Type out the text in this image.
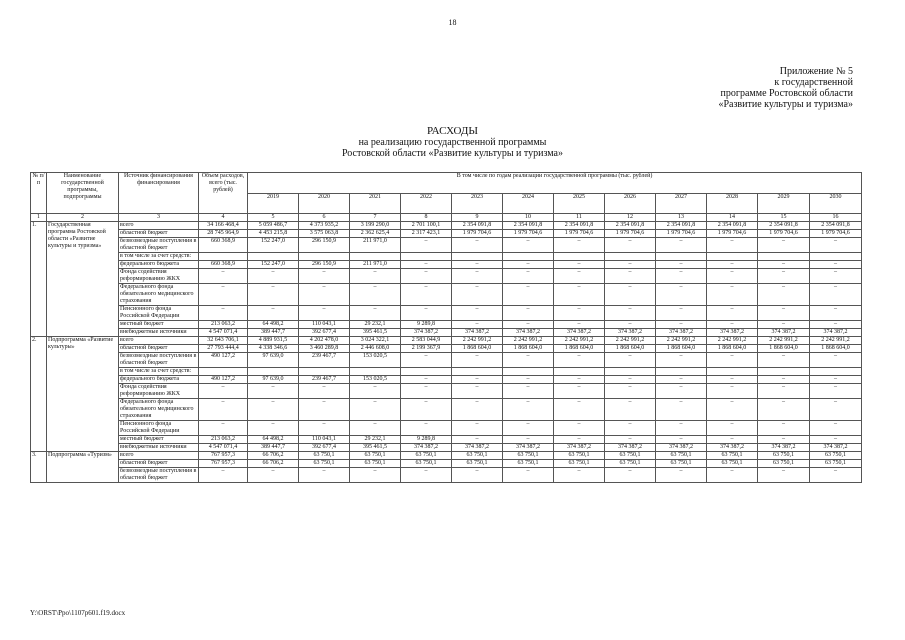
18
Приложение № 5
к государственной
программе Ростовской области
«Развитие культуры и туризма»
РАСХОДЫ
на реализацию государственной программы
Ростовской области «Развитие культуры и туризма»
№ п/п	Наименование государственной программы, подпрограммы	Источник финансирования финансирования	Объем расходов, всего (тыс. рублей)	В том числе по годам реализации государственной программы (тыс. рублей)											
				2019	2020	2021	2022	2023	2024	2025	2026	2027	2028	2029	2030
1	2	3	4	5	6	7	8	9	10	11	12	13	14	15	16
1.	Государственная программа Ростовской области «Развитие культуры и туризма»	всего	34 166 468,4	5 059 486,7	4 373 935,2	3 199 290,0	2 701 100,1	2 354 091,8	2 354 091,8	2 354 091,8	2 354 091,8	2 354 091,8	2 354 091,8	2 354 091,8	2 354 091,8
		областной бюджет	28 745 964,9	4 453 215,8	3 575 063,8	2 362 625,4	2 317 423,1	1 979 704,6	1 979 704,6	1 979 704,6	1 979 704,6	1 979 704,6	1 979 704,6	1 979 704,6	1 979 704,6
		безвозмездные поступления в областной бюджет	660 368,9	152 247,0	296 150,9	211 971,0	–	–	–	–	–	–	–	–	–
		в том числе за счет средств:													
		федерального бюджета	660 368,9	152 247,0	296 150,9	211 971,0	–	–	–	–	–	–	–	–	–
		Фонда содействия реформированию ЖКХ	–	–	–	–	–	–	–	–	–	–	–	–	–
		Федерального фонда обязательного медицинского страхования	–	–	–	–	–	–	–	–	–	–	–	–	–
		Пенсионного фонда Российской Федерации	–	–	–	–	–	–	–	–	–	–	–	–	–
		местный бюджет	213 063,2	64 498,2	110 043,1	29 232,1	9 289,8	–	–	–	–	–	–	–	–
		внебюджетные источники	4 547 071,4	389 447,7	392 677,4	395 461,5	374 387,2	374 387,2	374 387,2	374 387,2	374 387,2	374 387,2	374 387,2	374 387,2	374 387,2
2.	Подпрограмма «Развитие культуры»	всего	32 643 706,1	4 889 931,5	4 202 478,0	3 024 322,1	2 583 044,9	2 242 991,2	2 242 991,2	2 242 991,2	2 242 991,2	2 242 991,2	2 242 991,2	2 242 991,2	2 242 991,2
		областной бюджет	27 793 444,4	4 338 346,6	3 460 289,8	2 446 608,0	2 199 367,9	1 868 604,0	1 868 604,0	1 868 604,0	1 868 604,0	1 868 604,0	1 868 604,0	1 868 604,0	1 868 604,0
		безвозмездные поступления в областной бюджет	490 127,2	97 639,0	239 467,7	153 020,5	–	–	–	–	–	–	–	–	–
		в том числе за счет средств:													
		федерального бюджета	490 127,2	97 639,0	239 467,7	153 020,5	–	–	–	–	–	–	–	–	–
		Фонда содействия реформированию ЖКХ	–	–	–	–	–	–	–	–	–	–	–	–	–
		Федерального фонда обязательного медицинского страхования	–	–	–	–	–	–	–	–	–	–	–	–	–
		Пенсионного фонда Российской Федерации	–	–	–	–	–	–	–	–	–	–	–	–	–
		местный бюджет	213 063,2	64 498,2	110 043,1	29 232,1	9 289,8	–	–	–	–	–	–	–	–
		внебюджетные источники	4 547 071,4	389 447,7	392 677,4	395 461,5	374 387,2	374 387,2	374 387,2	374 387,2	374 387,2	374 387,2	374 387,2	374 387,2	374 387,2
3.	Подпрограмма «Туризм»	всего	767 957,3	66 706,2	63 750,1	63 750,1	63 750,1	63 750,1	63 750,1	63 750,1	63 750,1	63 750,1	63 750,1	63 750,1	63 750,1
		областной бюджет	767 957,3	66 706,2	63 750,1	63 750,1	63 750,1	63 750,1	63 750,1	63 750,1	63 750,1	63 750,1	63 750,1	63 750,1	63 750,1
		безвозмездные поступления в областной бюджет	–	–	–	–	–	–	–	–	–	–	–	–	–
Y:\ORST\Ppo\1107p601.f19.docx
